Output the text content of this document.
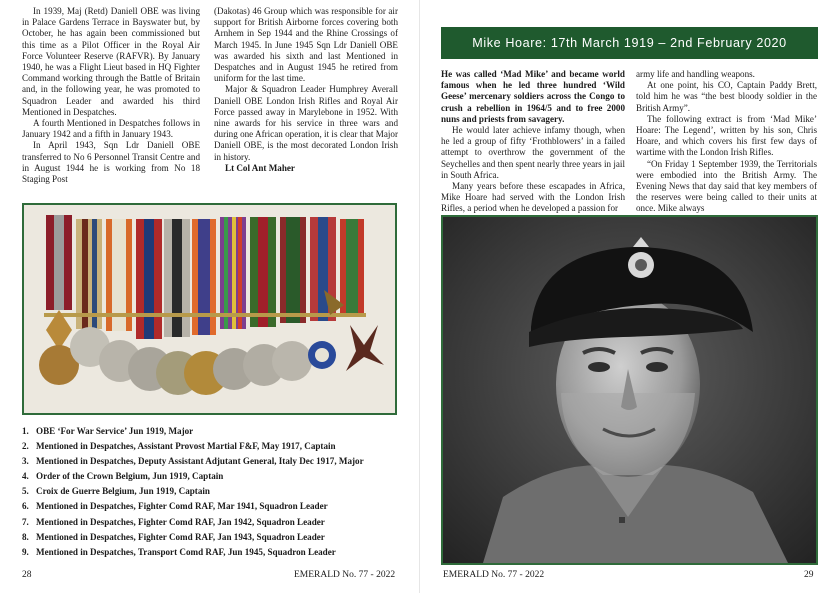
In 1939, Maj (Retd) Daniell OBE was living in Palace Gardens Terrace in Bayswater but, by October, he has again been commissioned but this time as a Pilot Officer in the Royal Air Force Volunteer Reserve (RAFVR). By January 1940, he was a Flight Lieut based in HQ Fighter Command working through the Battle of Britain and, in the following year, he was promoted to Squadron Leader and awarded his third Mentioned in Despatches.

A fourth Mentioned in Despatches follows in January 1942 and a fifth in January 1943.

In April 1943, Sqn Ldr Daniell OBE transferred to No 6 Personnel Transit Centre and in August 1944 he is working from No 18 Staging Post

(Dakotas) 46 Group which was responsible for air support for British Airborne forces covering both Arnhem in Sep 1944 and the Rhine Crossings of March 1945. In June 1945 Sqn Ldr Daniell OBE was awarded his sixth and last Mentioned in Despatches and in August 1945 he retired from uniform for the last time.

Major & Squadron Leader Humphrey Averall Daniell OBE London Irish Rifles and Royal Air Force passed away in Marylebone in 1952. With nine awards for his service in three wars and during one African operation, it is clear that Major Daniell OBE, is the most decorated London Irish in history.

Lt Col Ant Maher

1. OBE ‘For War Service’ Jun 1919, Major
2. Mentioned in Despatches, Assistant Provost Martial F&F, May 1917, Captain
3. Mentioned in Despatches, Deputy Assistant Adjutant General, Italy Dec 1917, Major
4. Order of the Crown Belgium, Jun 1919, Captain
5. Croix de Guerre Belgium, Jun 1919, Captain
6. Mentioned in Despatches, Fighter Comd RAF, Mar 1941, Squadron Leader
7. Mentioned in Despatches, Fighter Comd RAF, Jan 1942, Squadron Leader
8. Mentioned in Despatches, Fighter Comd RAF, Jan 1943, Squadron Leader
9. Mentioned in Despatches, Transport Comd RAF, Jun 1945, Squadron Leader
28	EMERALD No. 77 - 2022
Mike Hoare: 17th March 1919 – 2nd February 2020

He was called ‘Mad Mike’ and became world famous when he led three hundred ‘Wild Geese’ mercenary soldiers across the Congo to crush a rebellion in 1964/5 and to free 2000 nuns and priests from savagery.

He would later achieve infamy though, when he led a group of fifty ‘Frothblowers’ in a failed attempt to overthrow the government of the Seychelles and then spent nearly three years in jail in South Africa.

Many years before these escapades in Africa, Mike Hoare had served with the London Irish Rifles, a period when he developed a passion for

army life and handling weapons.

At one point, his CO, Captain Paddy Brett, told him he was “the best bloody soldier in the British Army”.

The following extract is from ‘Mad Mike’ Hoare: The Legend’, written by his son, Chris Hoare, and which covers his first few days of wartime with the London Irish Rifles.

“On Friday 1 September 1939, the Territorials were embodied into the British Army. The Evening News that day said that key members of the reserves were being called to their units at once. Mike always

EMERALD No. 77 - 2022	29
